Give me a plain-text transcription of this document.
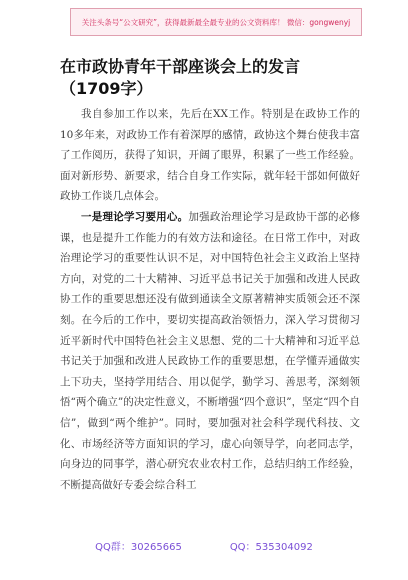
关注头条号“公文研究”，获得最新最全最专业的公文资料库！ 微信：gongwenyj
在市政协青年干部座谈会上的发言（1709字）

我自参加工作以来，先后在XX工作。特别是在政协工作的10多年来，对政协工作有着深厚的感情，政协这个舞台使我丰富了工作阅历，获得了知识，开阔了眼界，积累了一些工作经验。面对新形势、新要求，结合自身工作实际，就年轻干部如何做好政协工作谈几点体会。

一是理论学习要用心。加强政治理论学习是政协干部的必修课，也是提升工作能力的有效方法和途径。在日常工作中，对政治理论学习的重要性认识不足，对中国特色社会主义政治上坚持方向，对党的二十大精神、习近平总书记关于加强和改进人民政协工作的重要思想还没有做到通读全文原著精神实质领会还不深刻。在今后的工作中，要切实提高政治领悟力，深入学习贯彻习近平新时代中国特色社会主义思想、党的二十大精神和习近平总书记关于加强和改进人民政协工作的重要思想，在学懂弄通做实上下功夫，坚持学用结合、用以促学，勤学习、善思考，深刻领悟“两个确立”的决定性意义，不断增强“四个意识”，坚定“四个自信”，做到“两个维护”。同时，要加强对社会科学现代科技、文化、市场经济等方面知识的学习，虚心向领导学，向老同志学，向身边的同事学，潜心研究农业农村工作，总结归纳工作经验，不断提高做好专委会综合科工

QQ群：30265665	QQ：535304092
